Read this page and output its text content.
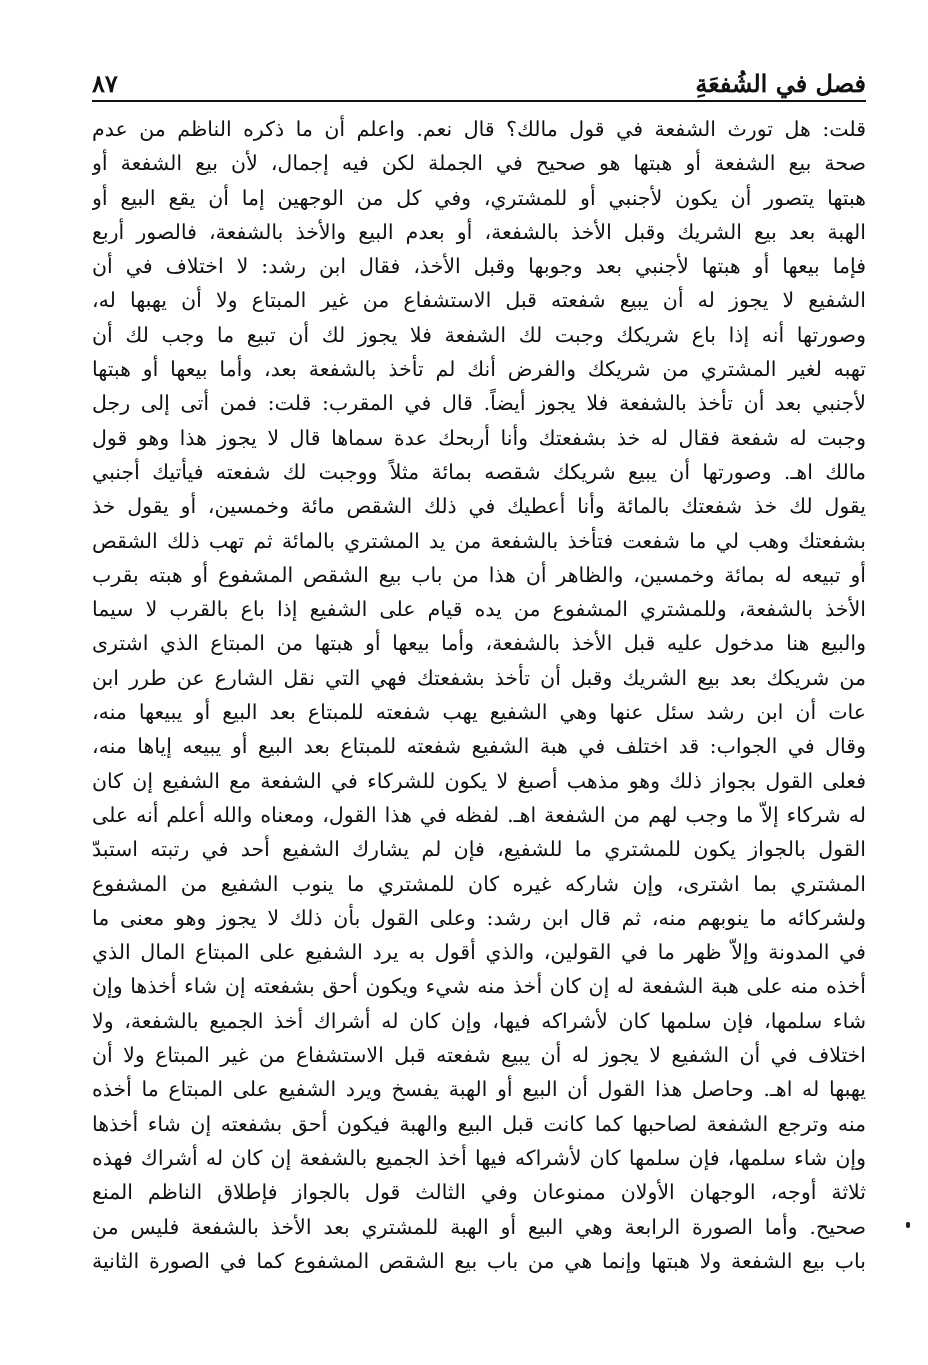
فصل في الشُفعَةِ
٨٧
قلت: هل تورث الشفعة في قول مالك؟ قال نعم. واعلم أن ما ذكره الناظم من عدم
صحة بيع الشفعة أو هبتها هو صحيح في الجملة لكن فيه إجمال، لأن بيع الشفعة أو
هبتها يتصور أن يكون لأجنبي أو للمشتري، وفي كل من الوجهين إما أن يقع البيع أو
الهبة بعد بيع الشريك وقبل الأخذ بالشفعة، أو بعدم البيع والأخذ بالشفعة، فالصور أربع
فإما بيعها أو هبتها لأجنبي بعد وجوبها وقبل الأخذ، فقال ابن رشد: لا اختلاف في أن
الشفيع لا يجوز له أن يبيع شفعته قبل الاستشفاع من غير المبتاع ولا أن يهبها له،
وصورتها أنه إذا باع شريكك وجبت لك الشفعة فلا يجوز لك أن تبيع ما وجب لك أن
تهبه لغير المشتري من شريكك والفرض أنك لم تأخذ بالشفعة بعد، وأما بيعها أو هبتها
لأجنبي بعد أن تأخذ بالشفعة فلا يجوز أيضاً. قال في المقرب: قلت: فمن أتى إلى رجل
وجبت له شفعة فقال له خذ بشفعتك وأنا أربحك عدة سماها قال لا يجوز هذا وهو قول
مالك اهـ. وصورتها أن يبيع شريكك شقصه بمائة مثلاً ووجبت لك شفعته فيأتيك أجنبي
يقول لك خذ شفعتك بالمائة وأنا أعطيك في ذلك الشقص مائة وخمسين، أو يقول خذ
بشفعتك وهب لي ما شفعت فتأخذ بالشفعة من يد المشتري بالمائة ثم تهب ذلك الشقص
أو تبيعه له بمائة وخمسين، والظاهر أن هذا من باب بيع الشقص المشفوع أو هبته بقرب
الأخذ بالشفعة، وللمشتري المشفوع من يده قيام على الشفيع إذا باع بالقرب لا سيما
والبيع هنا مدخول عليه قبل الأخذ بالشفعة، وأما بيعها أو هبتها من المبتاع الذي اشترى
من شريكك بعد بيع الشريك وقبل أن تأخذ بشفعتك فهي التي نقل الشارع عن طرر ابن
عات أن ابن رشد سئل عنها وهي الشفيع يهب شفعته للمبتاع بعد البيع أو يبيعها منه،
وقال في الجواب: قد اختلف في هبة الشفيع شفعته للمبتاع بعد البيع أو يبيعه إياها منه،
فعلى القول بجواز ذلك وهو مذهب أصبغ لا يكون للشركاء في الشفعة مع الشفيع إن كان
له شركاء إلاّ ما وجب لهم من الشفعة اهـ. لفظه في هذا القول، ومعناه والله أعلم أنه على
القول بالجواز يكون للمشتري ما للشفيع، فإن لم يشارك الشفيع أحد في رتبته استبدّ
المشتري بما اشترى، وإن شاركه غيره كان للمشتري ما ينوب الشفيع من المشفوع
ولشركائه ما ينوبهم منه، ثم قال ابن رشد: وعلى القول بأن ذلك لا يجوز وهو معنى ما
في المدونة وإلاّ ظهر ما في القولين، والذي أقول به يرد الشفيع على المبتاع المال الذي
أخذه منه على هبة الشفعة له إن كان أخذ منه شيء ويكون أحق بشفعته إن شاء أخذها وإن
شاء سلمها، فإن سلمها كان لأشراكه فيها، وإن كان له أشراك أخذ الجميع بالشفعة، ولا
اختلاف في أن الشفيع لا يجوز له أن يبيع شفعته قبل الاستشفاع من غير المبتاع ولا أن
يهبها له اهـ. وحاصل هذا القول أن البيع أو الهبة يفسخ ويرد الشفيع على المبتاع ما أخذه
منه وترجع الشفعة لصاحبها كما كانت قبل البيع والهبة فيكون أحق بشفعته إن شاء أخذها
وإن شاء سلمها، فإن سلمها كان لأشراكه فيها أخذ الجميع بالشفعة إن كان له أشراك فهذه
ثلاثة أوجه، الوجهان الأولان ممنوعان وفي الثالث قول بالجواز فإطلاق الناظم المنع
صحيح. وأما الصورة الرابعة وهي البيع أو الهبة للمشتري بعد الأخذ بالشفعة فليس من
باب بيع الشفعة ولا هبتها وإنما هي من باب بيع الشقص المشفوع كما في الصورة الثانية
